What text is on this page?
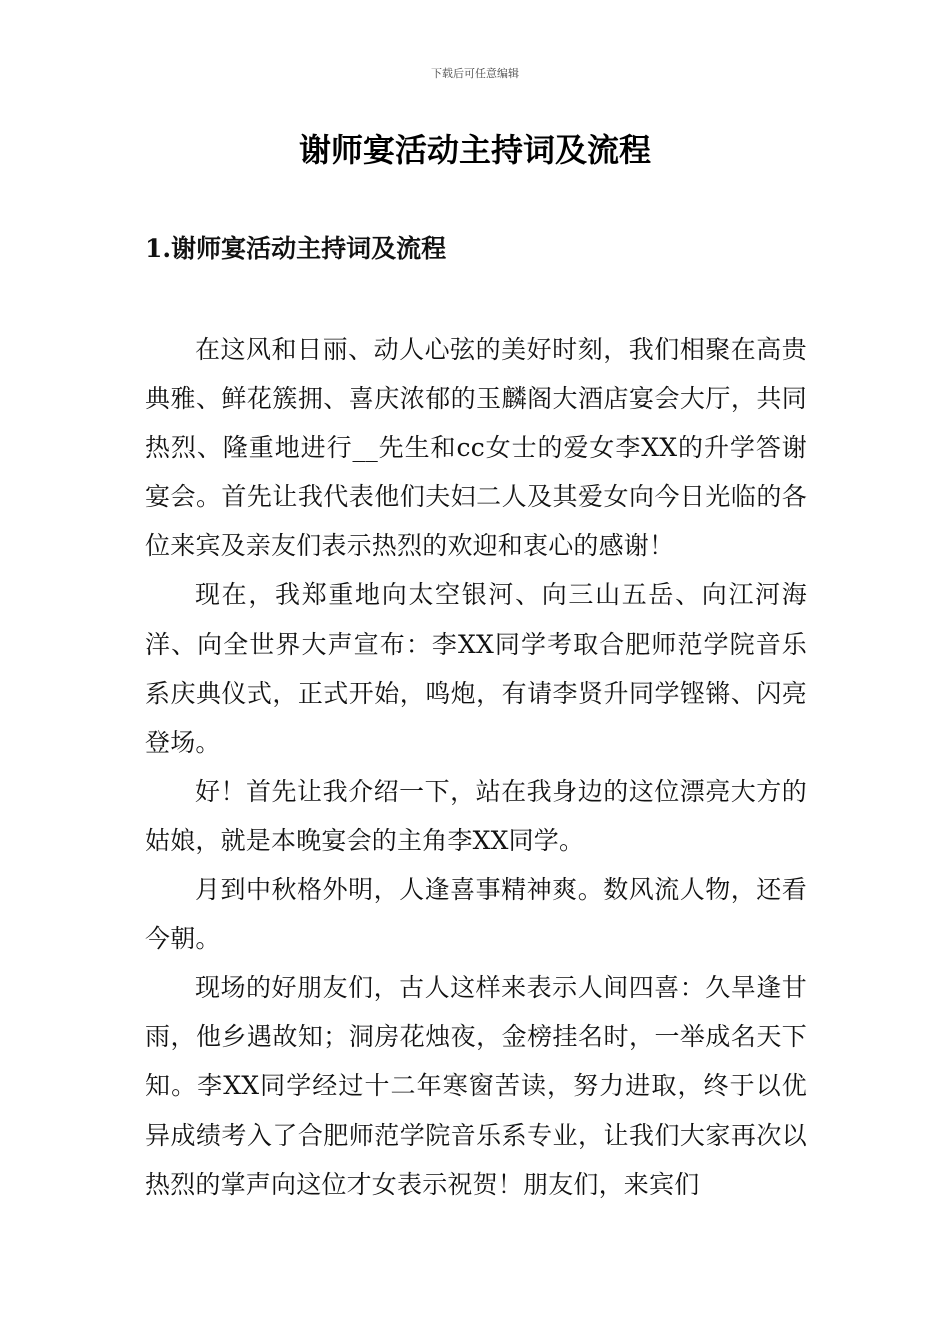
下载后可任意编辑
谢师宴活动主持词及流程
1.谢师宴活动主持词及流程

在这风和日丽、动人心弦的美好时刻，我们相聚在高贵典雅、鲜花簇拥、喜庆浓郁的玉麟阁大酒店宴会大厅，共同热烈、隆重地进行__先生和cc女士的爱女李XX的升学答谢宴会。首先让我代表他们夫妇二人及其爱女向今日光临的各位来宾及亲友们表示热烈的欢迎和衷心的感谢！

现在，我郑重地向太空银河、向三山五岳、向江河海洋、向全世界大声宣布：李XX同学考取合肥师范学院音乐系庆典仪式，正式开始，鸣炮，有请李贤升同学铿锵、闪亮登场。

好！首先让我介绍一下，站在我身边的这位漂亮大方的姑娘，就是本晚宴会的主角李XX同学。

月到中秋格外明，人逢喜事精神爽。数风流人物，还看今朝。

现场的好朋友们，古人这样来表示人间四喜：久旱逢甘雨，他乡遇故知；洞房花烛夜，金榜挂名时，一举成名天下知。李XX同学经过十二年寒窗苦读，努力进取，终于以优异成绩考入了合肥师范学院音乐系专业，让我们大家再次以热烈的掌声向这位才女表示祝贺！朋友们，来宾们
